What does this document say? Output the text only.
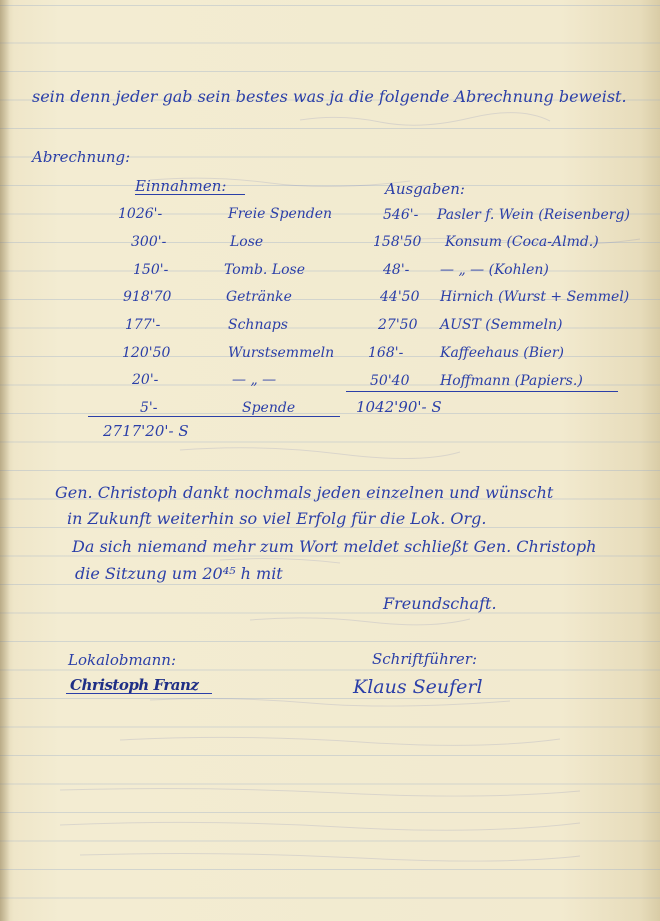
sein denn jeder gab sein bestes was ja die folgende Abrechnung beweist.
Abrechnung:
Einnahmen:
1026'-	Freie Spenden
300'-	Lose
150'-	Tomb. Lose
918'70	Getränke
177'-	Schnaps
120'50	Wurstsemmeln
20'-	— „ —
5'-	Spende
2717'20'- S
Ausgaben:
546'- Pasler f. Wein (Reisenberg)
158'50 Konsum (Coca-Almd.)
48'- — „ — (Kohlen)
44'50 Hirnich (Wurst + Semmel)
27'50 AUST (Semmeln)
168'-	Kaffeehaus (Bier)
50'40 Hoffmann (Papiers.)
1042'90'- S
Gen. Christoph dankt nochmals jeden einzelnen und wünscht
in Zukunft weiterhin so viel Erfolg für die Lok. Org.
Da sich niemand mehr zum Wort meldet schließt Gen. Christoph
die Sitzung um 20⁴⁵ h mit
Freundschaft.
Lokalobmann:
Christoph Franz
Schriftführer:
Klaus Seuferl
